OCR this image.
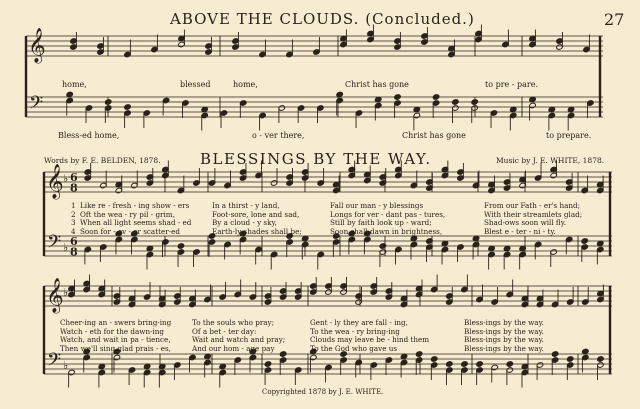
𝄞
𝄢
𝄞
𝄢
♭
♭
6
8
6
8
𝄞
𝄢
♭
♭
ABOVE THE CLOUDS. (Concluded.)	27
home,	blessed	home,	Christ has gone	to pre - pare.
Bless-ed home,	o - ver there,	Christ has gone	to prepare.
Words by F. E. BELDEN, 1878.	BLESSINGS BY THE WAY.	Music by J. E. WHITE, 1878.
1 Like re - fresh - ing show - ers	In a thirst - y land,	Fall our man - y blessings	From our Fath - er's hand;
2 Oft the wea - ry pil - grim,	Foot-sore, lone and sad,	Longs for ver - dant pas - tures,	With their streamlets glad;
3 When all light seems shad - ed	By a cloud - y sky,	Still by faith look up - ward;	Shad-ows soon will fly.
4 Soon for - ev - er scatter-ed	Earth-ly shades shall be;	Soon shall dawn in brightness,	Blest e - ter - ni - ty.
Cheer-ing an - swers bring-ing	To the souls who pray;	Gent - ly they are fall - ing,	Bless-ings by the way.
Watch - eth for the dawn-ing	Of a bet - ter day:	To the wea - ry bring-ing	Bless-ings by the way.
Watch, and wait in pa - tience,	Wait and watch and pray;	Clouds may leave be - hind them	Bless-ings by the way.
Then we'll sing glad prais - es,	And our hom - age pay	To the God who gave us	Bless-ings by the way.
Copyrighted 1878 by J. E. WHITE.
